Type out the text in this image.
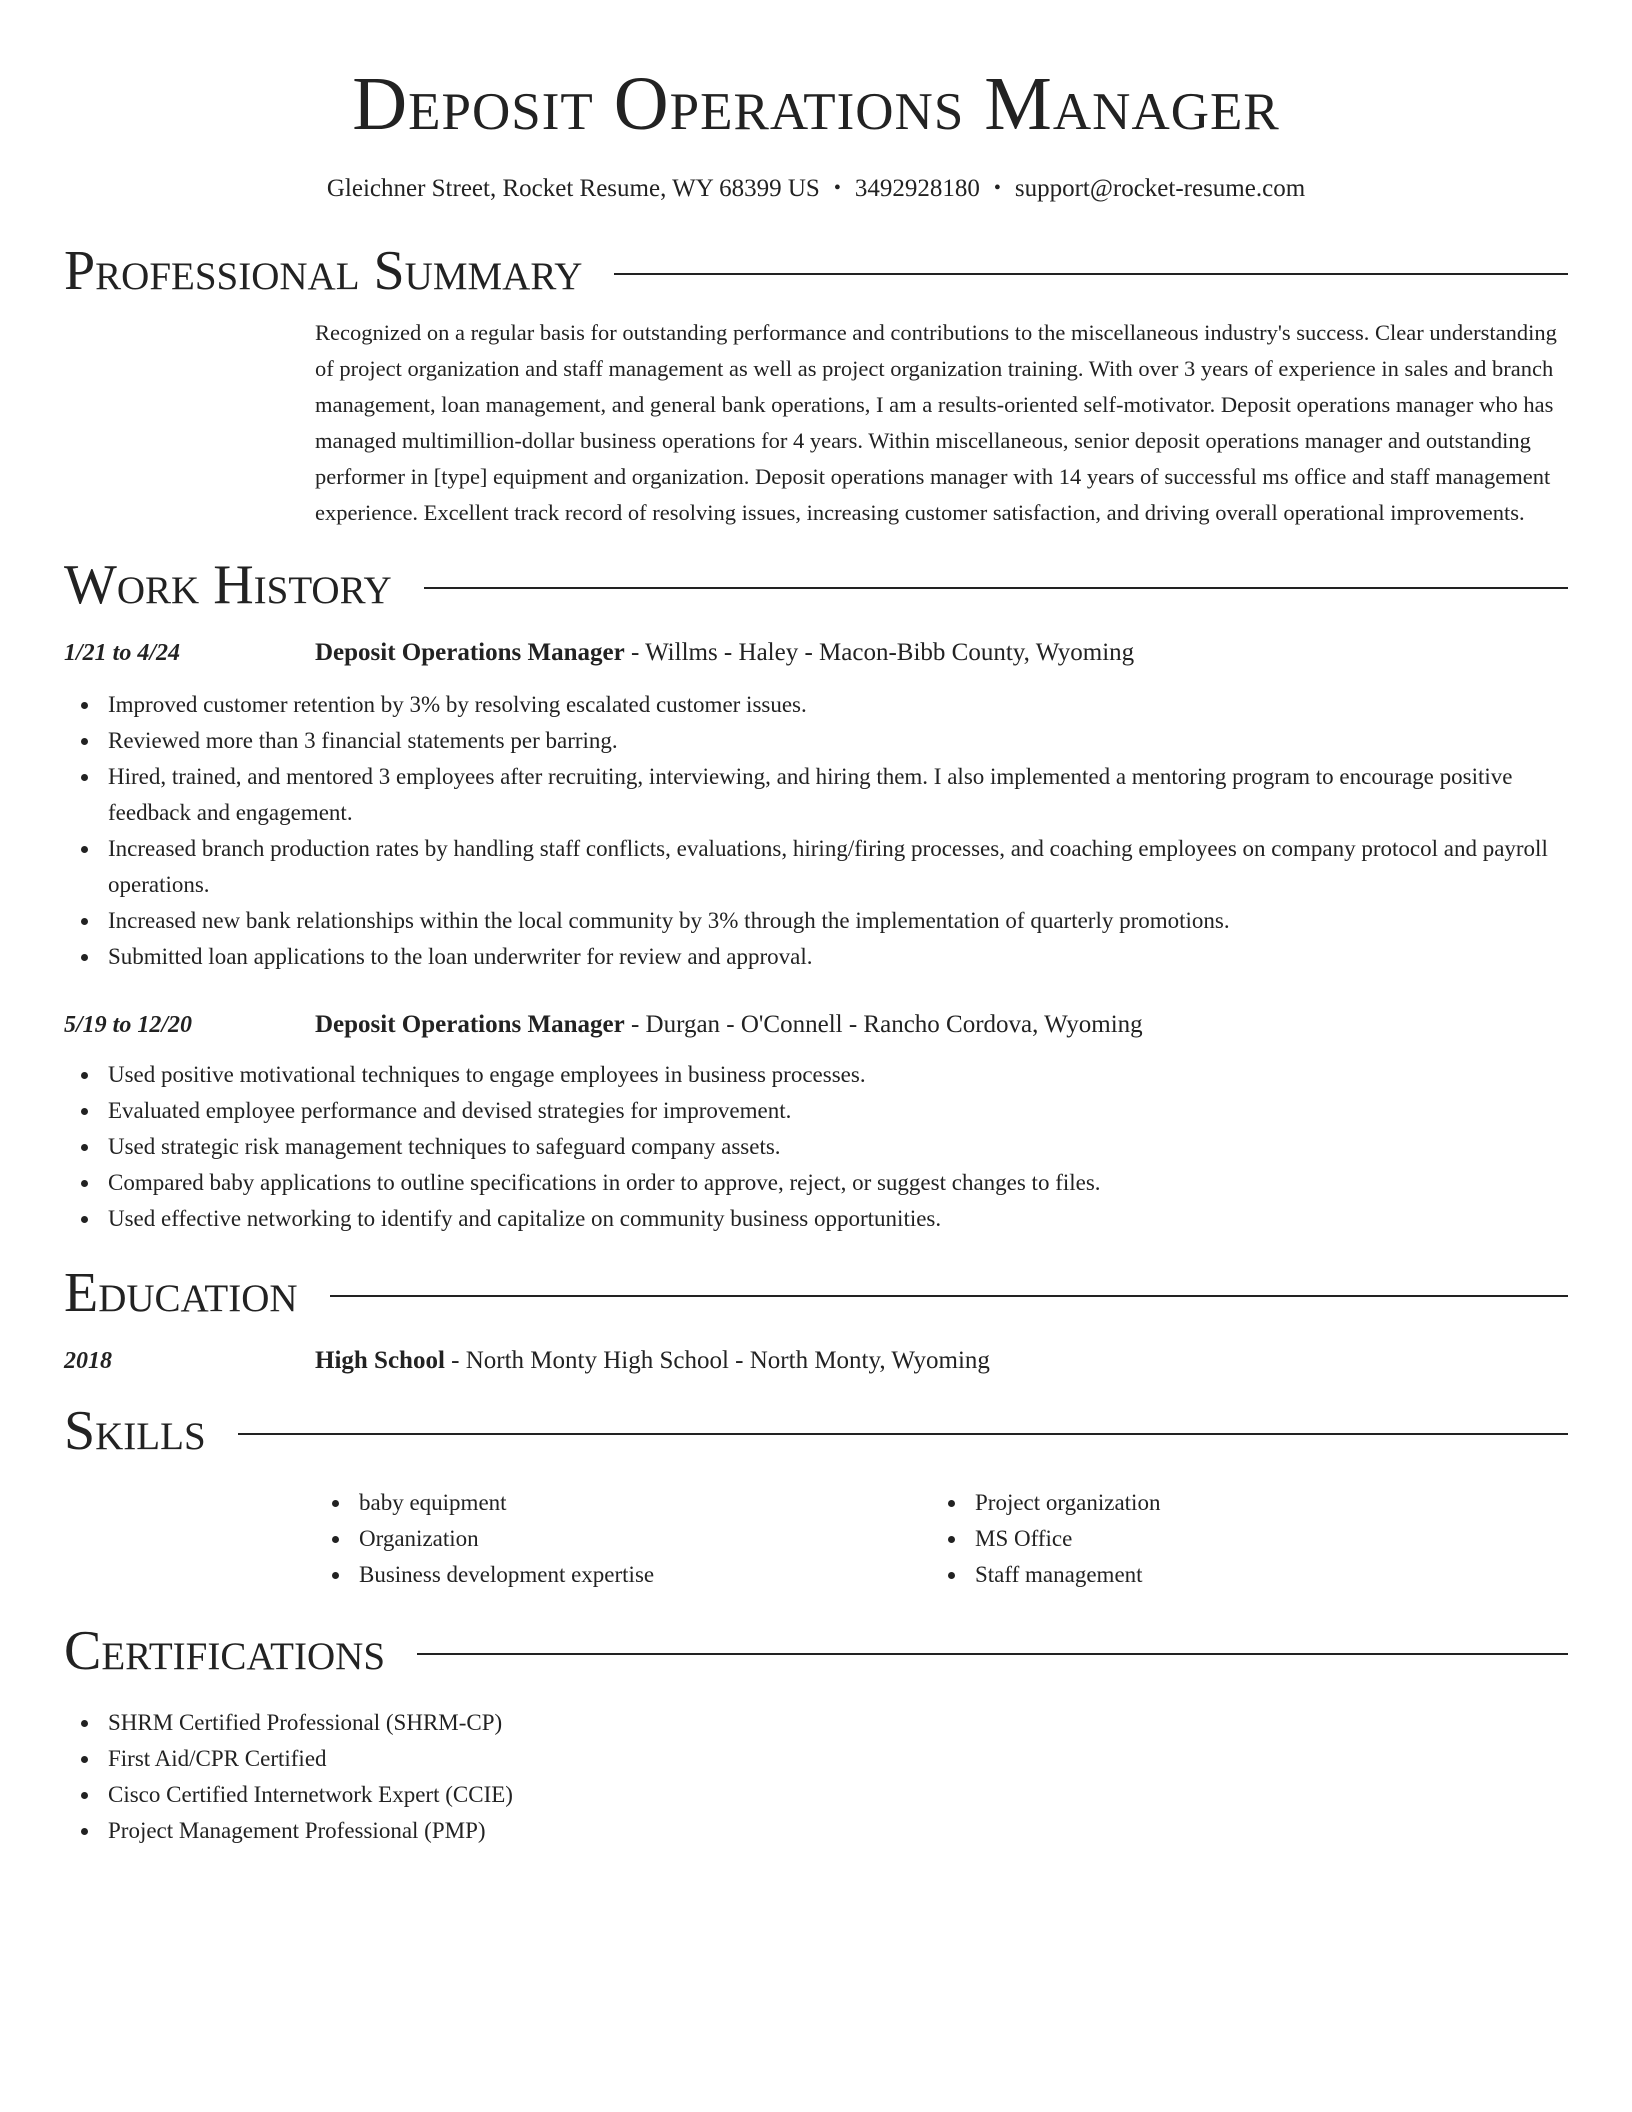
Deposit Operations Manager
Gleichner Street, Rocket Resume, WY 68399 US • 3492928180 • support@rocket-resume.com
Professional Summary
Recognized on a regular basis for outstanding performance and contributions to the miscellaneous industry's success. Clear understanding of project organization and staff management as well as project organization training. With over 3 years of experience in sales and branch management, loan management, and general bank operations, I am a results-oriented self-motivator. Deposit operations manager who has managed multimillion-dollar business operations for 4 years. Within miscellaneous, senior deposit operations manager and outstanding performer in [type] equipment and organization. Deposit operations manager with 14 years of successful ms office and staff management experience. Excellent track record of resolving issues, increasing customer satisfaction, and driving overall operational improvements.
Work History
1/21 to 4/24	Deposit Operations Manager - Willms - Haley - Macon-Bibb County, Wyoming
Improved customer retention by 3% by resolving escalated customer issues.
Reviewed more than 3 financial statements per barring.
Hired, trained, and mentored 3 employees after recruiting, interviewing, and hiring them. I also implemented a mentoring program to encourage positive feedback and engagement.
Increased branch production rates by handling staff conflicts, evaluations, hiring/firing processes, and coaching employees on company protocol and payroll operations.
Increased new bank relationships within the local community by 3% through the implementation of quarterly promotions.
Submitted loan applications to the loan underwriter for review and approval.
5/19 to 12/20	Deposit Operations Manager - Durgan - O'Connell - Rancho Cordova, Wyoming
Used positive motivational techniques to engage employees in business processes.
Evaluated employee performance and devised strategies for improvement.
Used strategic risk management techniques to safeguard company assets.
Compared baby applications to outline specifications in order to approve, reject, or suggest changes to files.
Used effective networking to identify and capitalize on community business opportunities.
Education
2018	High School - North Monty High School - North Monty, Wyoming
Skills
baby equipment
Organization
Business development expertise
Project organization
MS Office
Staff management
Certifications
SHRM Certified Professional (SHRM-CP)
First Aid/CPR Certified
Cisco Certified Internetwork Expert (CCIE)
Project Management Professional (PMP)
